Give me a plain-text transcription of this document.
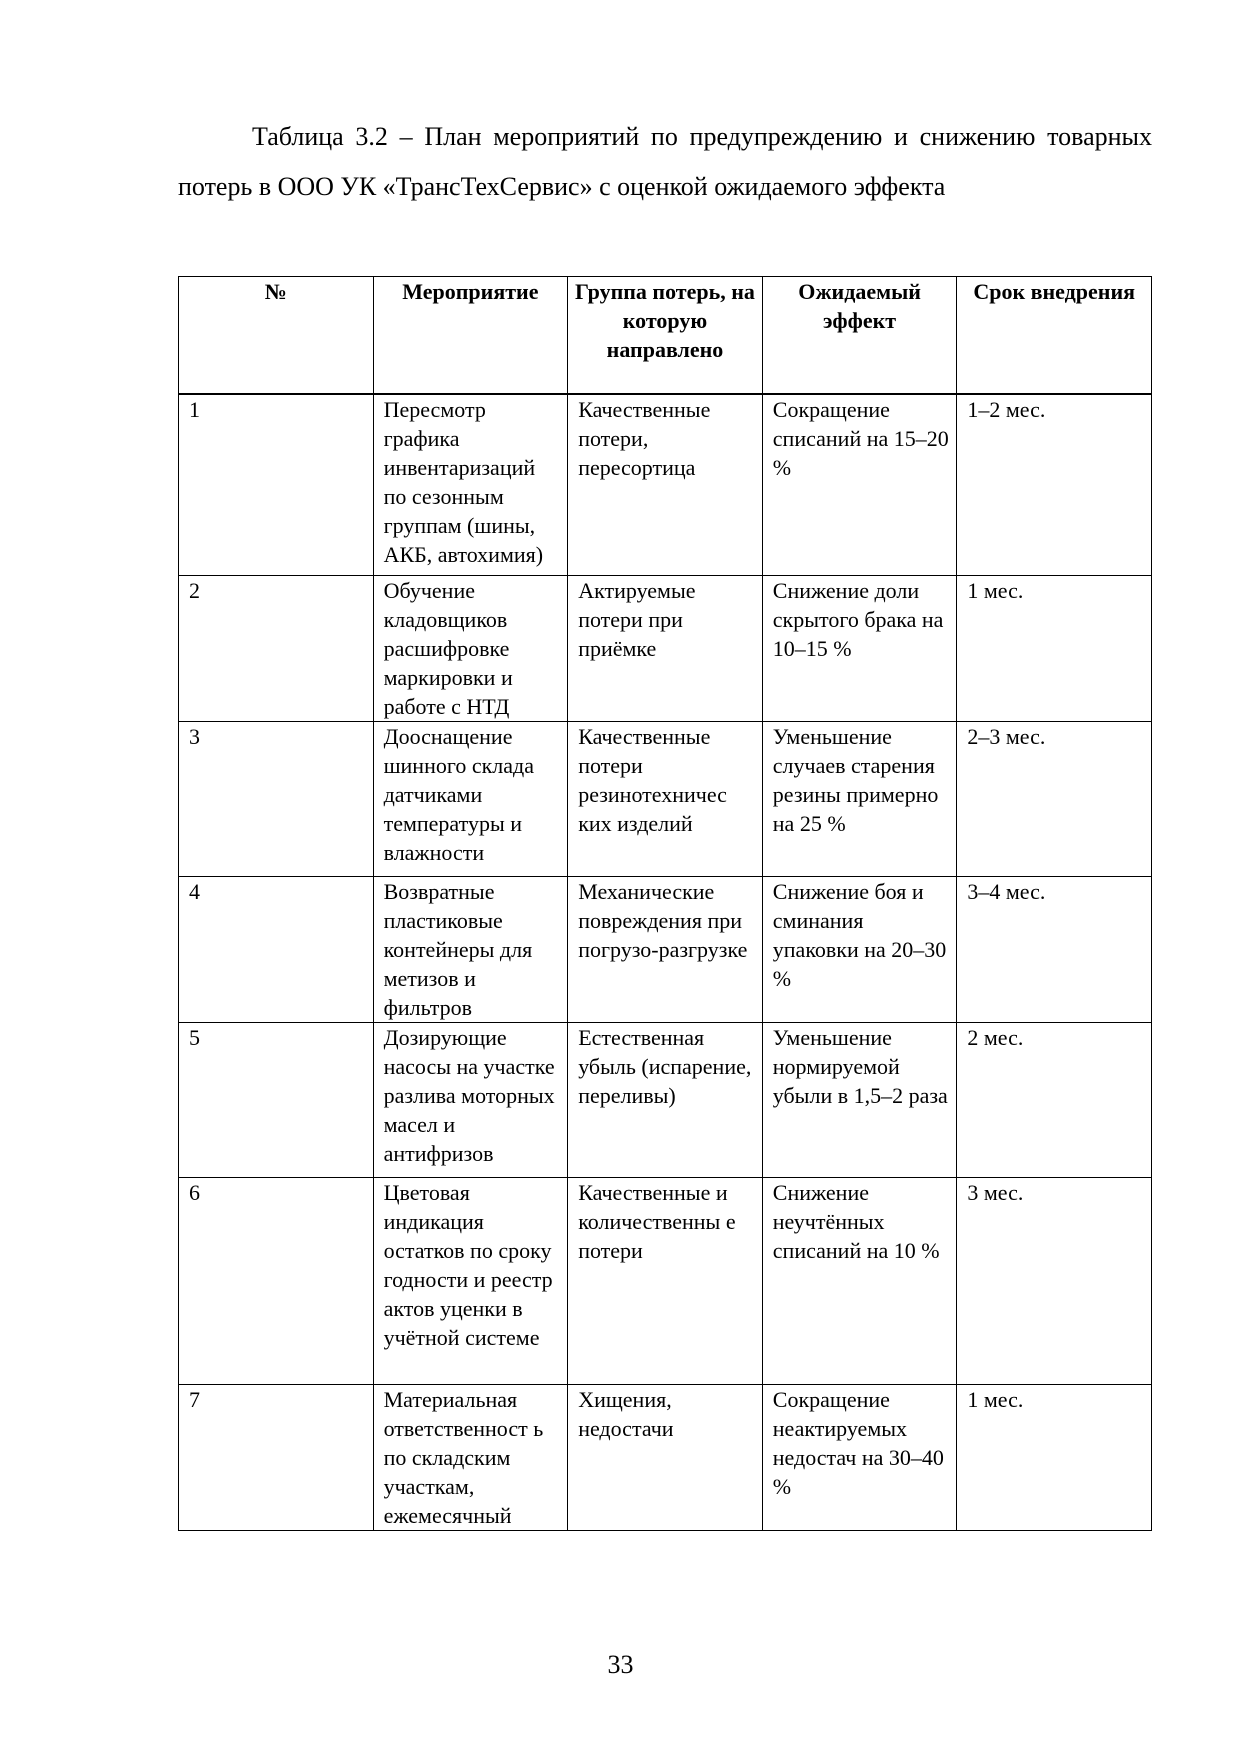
Таблица 3.2 – План мероприятий по предупреждению и снижению товарных потерь в ООО УК «ТрансТехСервис» с оценкой ожидаемого эффекта

№	Мероприятие	Группа потерь, на которую направлено	Ожидаемый эффект	Срок внедрения
1	Пересмотр графика инвентаризаций по сезонным группам (шины, АКБ, автохимия)	Качественные потери, пересортица	Сокращение списаний на 15–20 %	1–2 мес.
2	Обучение кладовщиков расшифровке маркировки и работе с НТД	Актируемые потери при приёмке	Снижение доли скрытого брака на 10–15 %	1 мес.
3	Дооснащение шинного склада датчиками температуры и влажности	Качественные потери резинотехничес ких изделий	Уменьшение случаев старения резины примерно на 25 %	2–3 мес.
4	Возвратные пластиковые контейнеры для метизов и фильтров	Механические повреждения при погрузо-разгрузке	Снижение боя и сминания упаковки на 20–30 %	3–4 мес.
5	Дозирующие насосы на участке разлива моторных масел и антифризов	Естественная убыль (испарение, переливы)	Уменьшение нормируемой убыли в 1,5–2 раза	2 мес.
6	Цветовая индикация остатков по сроку годности и реестр актов уценки в учётной системе	Качественные и количественны е потери	Снижение неучтённых списаний на 10 %	3 мес.
7	Материальная ответственност ь по складским участкам, ежемесячный	Хищения, недостачи	Сокращение неактируемых недостач на 30–40 %	1 мес.
33
